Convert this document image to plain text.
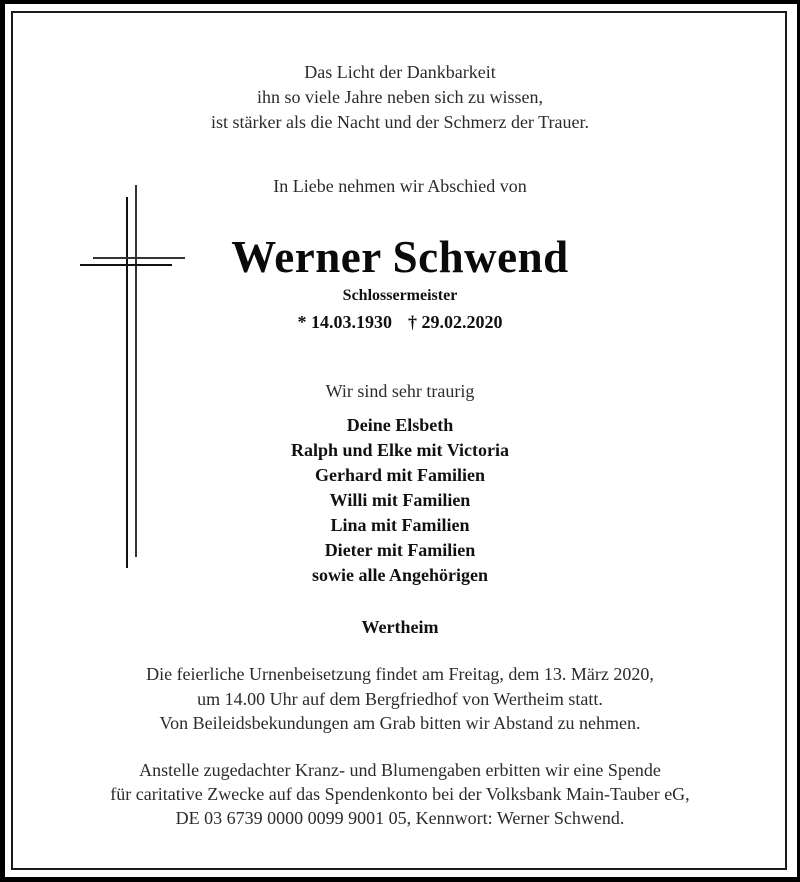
Das Licht der Dankbarkeit
ihn so viele Jahre neben sich zu wissen,
ist stärker als die Nacht und der Schmerz der Trauer.
In Liebe nehmen wir Abschied von
Werner Schwend
Schlossermeister
* 14.03.1930 † 29.02.2020
Wir sind sehr traurig
Deine Elsbeth
Ralph und Elke mit Victoria
Gerhard mit Familien
Willi mit Familien
Lina mit Familien
Dieter mit Familien
sowie alle Angehörigen
Wertheim
Die feierliche Urnenbeisetzung findet am Freitag, dem 13. März 2020,
um 14.00 Uhr auf dem Bergfriedhof von Wertheim statt.
Von Beileidsbekundungen am Grab bitten wir Abstand zu nehmen.
Anstelle zugedachter Kranz- und Blumengaben erbitten wir eine Spende
für caritative Zwecke auf das Spendenkonto bei der Volksbank Main-Tauber eG,
DE 03 6739 0000 0099 9001 05, Kennwort: Werner Schwend.
